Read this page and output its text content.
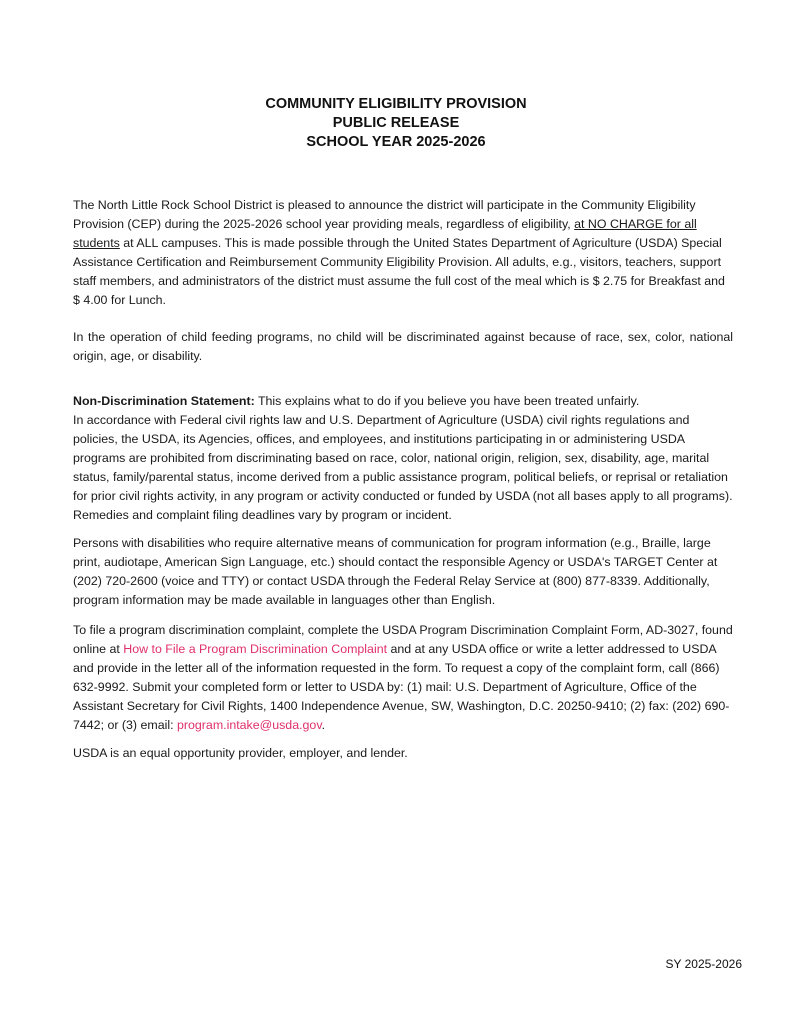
COMMUNITY ELIGIBILITY PROVISION
PUBLIC RELEASE
SCHOOL YEAR 2025-2026
The North Little Rock School District is pleased to announce the district will participate in the Community Eligibility Provision (CEP) during the 2025-2026 school year providing meals, regardless of eligibility, at NO CHARGE for all students at ALL campuses. This is made possible through the United States Department of Agriculture (USDA) Special Assistance Certification and Reimbursement Community Eligibility Provision. All adults, e.g., visitors, teachers, support staff members, and administrators of the district must assume the full cost of the meal which is $ 2.75 for Breakfast and $ 4.00 for Lunch.
In the operation of child feeding programs, no child will be discriminated against because of race, sex, color, national origin, age, or disability.
Non-Discrimination Statement: This explains what to do if you believe you have been treated unfairly.
In accordance with Federal civil rights law and U.S. Department of Agriculture (USDA) civil rights regulations and policies, the USDA, its Agencies, offices, and employees, and institutions participating in or administering USDA programs are prohibited from discriminating based on race, color, national origin, religion, sex, disability, age, marital status, family/parental status, income derived from a public assistance program, political beliefs, or reprisal or retaliation for prior civil rights activity, in any program or activity conducted or funded by USDA (not all bases apply to all programs). Remedies and complaint filing deadlines vary by program or incident.
Persons with disabilities who require alternative means of communication for program information (e.g., Braille, large print, audiotape, American Sign Language, etc.) should contact the responsible Agency or USDA's TARGET Center at (202) 720-2600 (voice and TTY) or contact USDA through the Federal Relay Service at (800) 877-8339. Additionally, program information may be made available in languages other than English.
To file a program discrimination complaint, complete the USDA Program Discrimination Complaint Form, AD-3027, found online at How to File a Program Discrimination Complaint and at any USDA office or write a letter addressed to USDA and provide in the letter all of the information requested in the form. To request a copy of the complaint form, call (866) 632-9992. Submit your completed form or letter to USDA by: (1) mail: U.S. Department of Agriculture, Office of the Assistant Secretary for Civil Rights, 1400 Independence Avenue, SW, Washington, D.C. 20250-9410; (2) fax: (202) 690-7442; or (3) email: program.intake@usda.gov.
USDA is an equal opportunity provider, employer, and lender.
SY 2025-2026
